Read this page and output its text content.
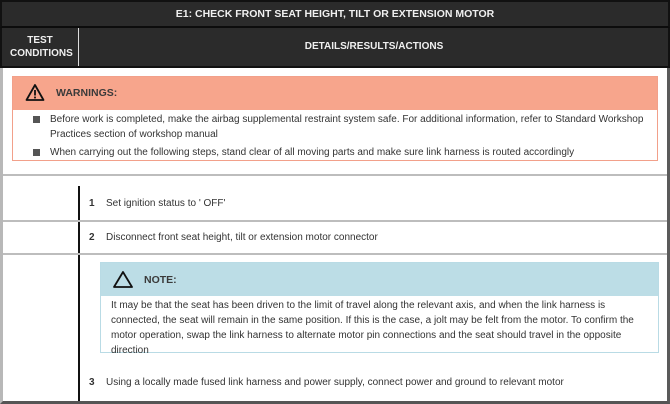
E1: CHECK FRONT SEAT HEIGHT, TILT OR EXTENSION MOTOR
TEST CONDITIONS
DETAILS/RESULTS/ACTIONS
WARNINGS:
Before work is completed, make the airbag supplemental restraint system safe. For additional information, refer to Standard Workshop Practices section of workshop manual
When carrying out the following steps, stand clear of all moving parts and make sure link harness is routed accordingly
1 Set ignition status to ' OFF'
2 Disconnect front seat height, tilt or extension motor connector
NOTE:
It may be that the seat has been driven to the limit of travel along the relevant axis, and when the link harness is connected, the seat will remain in the same position. If this is the case, a jolt may be felt from the motor. To confirm the motor operation, swap the link harness to alternate motor pin connections and the seat should travel in the opposite direction
3 Using a locally made fused link harness and power supply, connect power and ground to relevant motor
